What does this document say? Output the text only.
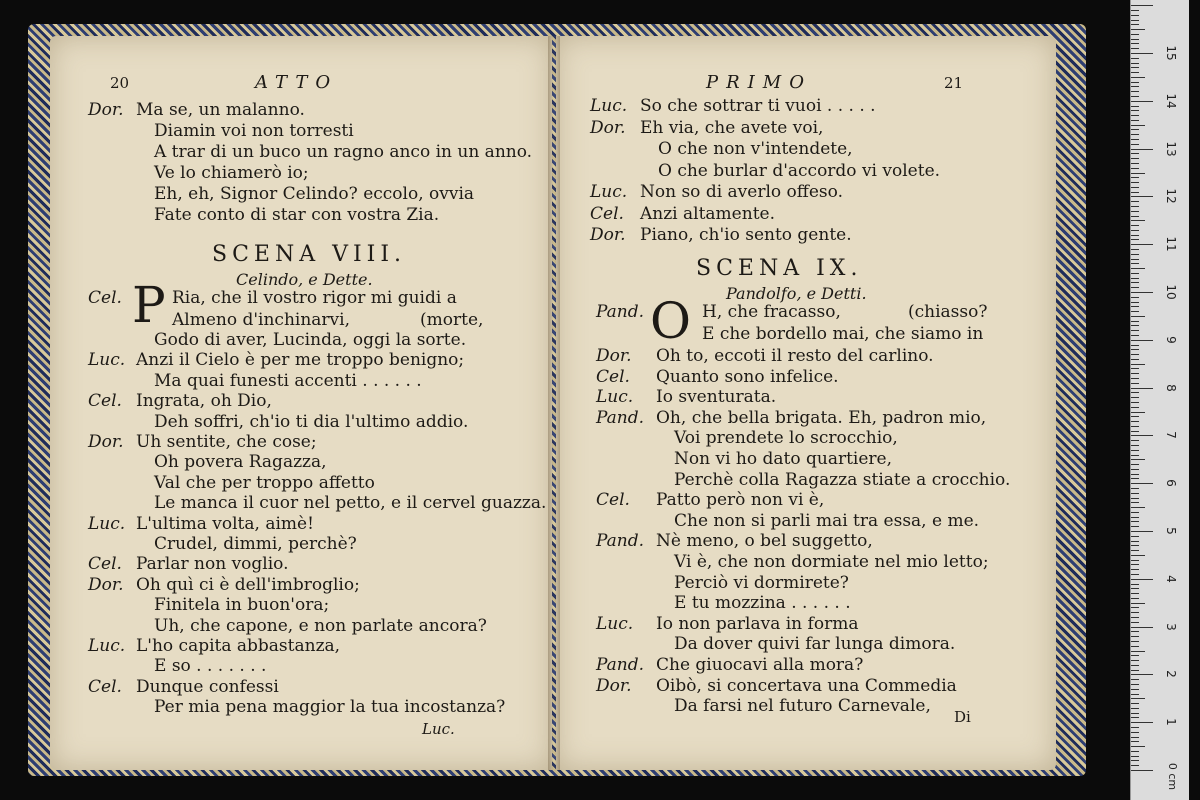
20	ATTO
Dor. Ma se, un malanno.
Diamin voi non torresti
A trar di un buco un ragno anco in un anno.
Ve lo chiamerò io;
Eh, eh, Signor Celindo? eccolo, ovvia
Fate conto di star con vostra Zia.
SCENA VIII.
Celindo, e Dette.
Cel. P Ria, che il vostro rigor mi guidi a
Almeno d'inchinarvi,	(morte,
Godo di aver, Lucinda, oggi la sorte.
Luc. Anzi il Cielo è per me troppo benigno;
Ma quai funesti accenti . . . . . .
Cel. Ingrata, oh Dio,
Deh soffri, ch'io ti dia l'ultimo addio.
Dor. Uh sentite, che cose;
Oh povera Ragazza,
Val che per troppo affetto
Le manca il cuor nel petto, e il cervel guazza.
Luc. L'ultima volta, aimè!
Crudel, dimmi, perchè?
Cel. Parlar non voglio.
Dor. Oh quì ci è dell'imbroglio;
Finitela in buon'ora;
Uh, che capone, e non parlate ancora?
Luc. L'ho capita abbastanza,
E so . . . . . . .
Cel. Dunque confessi
Per mia pena maggior la tua incostanza?
Luc.
PRIMO	21
Luc. So che sottrar ti vuoi . . . . .
Dor. Eh via, che avete voi,
O che non v'intendete,
O che burlar d'accordo vi volete.
Luc. Non so di averlo offeso.
Cel. Anzi altamente.
Dor. Piano, ch'io sento gente.
SCENA IX.
Pandolfo, e Detti.
Pand. O H, che fracasso,	(chiasso?
E che bordello mai, che siamo in
Dor. Oh to, eccoti il resto del carlino.
Cel. Quanto sono infelice.
Luc. Io sventurata.
Pand. Oh, che bella brigata. Eh, padron mio,
Voi prendete lo scrocchio,
Non vi ho dato quartiere,
Perchè colla Ragazza stiate a crocchio.
Cel. Patto però non vi è,
Che non si parli mai tra essa, e me.
Pand. Nè meno, o bel suggetto,
Vi è, che non dormiate nel mio letto;
Perciò vi dormirete?
E tu mozzina . . . . . .
Luc. Io non parlava in forma
Da dover quivi far lunga dimora.
Pand. Che giuocavi alla mora?
Dor. Oibò, si concertava una Commedia
Da farsi nel futuro Carnevale,
Di	1
2
3
4
5
6
7
8
9
10
11
12
13
14
15
0 cm
